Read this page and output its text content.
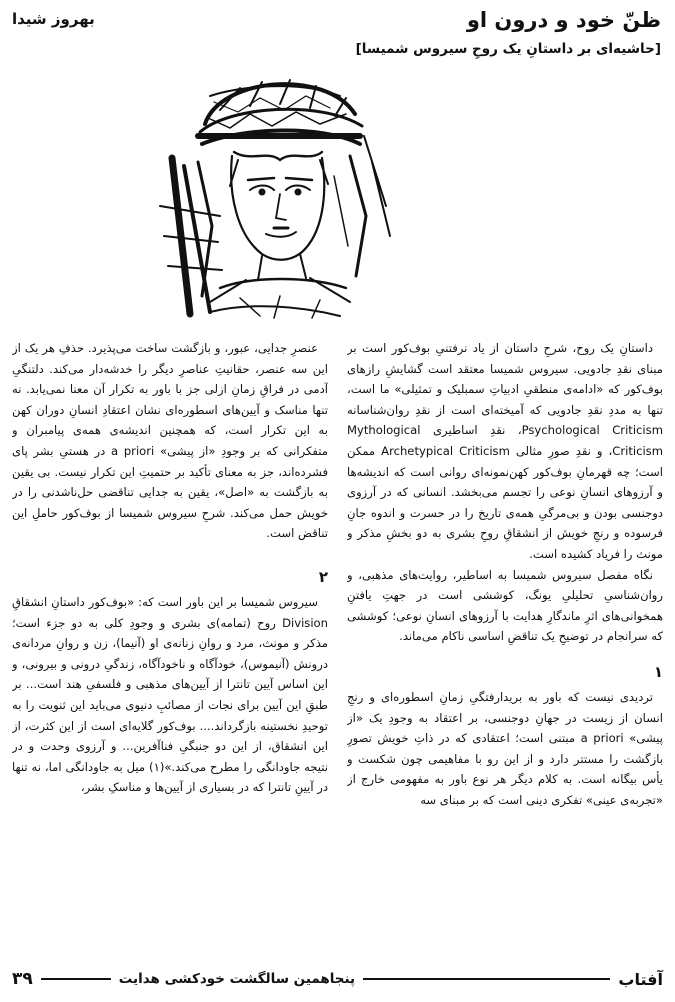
ظنّ خود و درون او
[حاشیه‌ای بر داستانِ یک روحِ سیروس شمیسا]
بهروز شیدا

داستانِ یک روح، شرحِ داستان از یاد نرفتنیِ بوف‌کور است بر مبنای نقدِ جادویی. سیروس شمیسا معتقد است گشایشِ رازهای بوف‌کور که «ادامه‌ی منطقیِ ادبیاتِ سمبلیک و تمثیلی» ما است، تنها به مددِ نقدِ جادویی که آمیخته‌ای است از نقدِ روان‌شناسانه Psychological Criticism، نقدِ اساطیری Mythological Criticism، و نقدِ صورِ مثالی Archetypical Criticism ممکن است؛ چه قهرمانِ بوف‌کور کهن‌نمونه‌ای روانی است که اندیشه‌ها و آرزوهای انسانِ نوعی را تجسم می‌بخشد. انسانی که در آرزوی دوجنسی بودن و بی‌مرگیِ همه‌ی تاریخ را در حسرت و اندوه جانِ فرسوده و رنجِ خویش از انشقاقِ روحِ بشری به دو بخشِ مذکر و مونث را فریاد کشیده است.

نگاه مفصل سیروس شمیسا به اساطیر، روایت‌های مذهبی، و روان‌شناسیِ تحلیلیِ یونگ، کوششی است در جهتِ یافتنِ همخوانی‌های اثرِ ماندگارِ هدایت با آرزوهای انسانِ نوعی؛ کوششی که سرانجام در توضیحِ یک تناقضِ اساسی ناکام می‌ماند.

۱

تردیدی نیست که باور به بریدارفتگیِ زمانِ اسطوره‌ای و رنجِ انسان از زیست در جهانِ دوجنسی، بر اعتقاد به وجودِ یک «از پیشی» a priori مبتنی است؛ اعتقادی که در ذاتِ خویش تصورِ بازگشت را مستتر دارد و از این رو با مفاهیمی چون شکست و یأس بیگانه است. به کلام دیگر هر نوع باور به مفهومی خارج از «تجربه‌ی عینی» تفکری دینی است که بر مبنای سه

عنصرِ جدایی، عبور، و بازگشت ساخت می‌پذیرد. حذفِ هر یک از این سه عنصر، حقانیتِ عناصرِ دیگر را خدشه‌دار می‌کند. دلتنگیِ آدمی در فراقِ زمانِ ازلی جز با باور به تکرار آن معنا نمی‌یابد. نه تنها مناسک و آیین‌های اسطوره‌ای نشان اعتقادِ انسانِ دوران کهن به این تکرار است، که همچنین اندیشه‌ی همه‌ی پیامبران و متفکرانی که بر وجودِ «از پیشی» a priori در هستیِ بشر پای فشرده‌اند، جز به معنای تأکید بر حتمیتِ این تکرار نیست. بی یقین به بازگشت به «اصل»، یقین به جدایی تناقضی حل‌ناشدنی را در خویش حمل می‌کند. شرحِ سیروس شمیسا از بوف‌کور حاملِ این تناقض است.

۲

سیروس شمیسا بر این باور است که: «بوف‌کور داستانِ انشقاقِ Division روح (تمامه)ی بشری و وجودِ کلی به دو جزء است؛ مذکر و مونث، مرد و روانِ زنانه‌ی او (آنیما)، زن و روانِ مردانه‌ی درونش (آنیموس)، خودآگاه و ناخودآگاه، زندگیِ درونی و بیرونی، و این اساس آیین تانترا از آیین‌های مذهبی و فلسفیِ هند است... بر طبقِ این آیین برای نجات از مصائبِ دنیوی می‌باید این ثنویت را به توحیدِ نخستینه بازگرداند.... بوف‌کور گلایه‌ای است از این کثرت، از این انشقاق، از این دو جنبگیِ فناآفرین... و آرزوی وحدت و در نتیجه جاودانگی را مطرح می‌کند.»(۱) میل به جاودانگی اما، نه تنها در آیینِ تانترا که در بسیاری از آیین‌ها و مناسکِ بشر،

آفتاب
پنجاهمین سالگشت خودکشی هدایت
۳۹
